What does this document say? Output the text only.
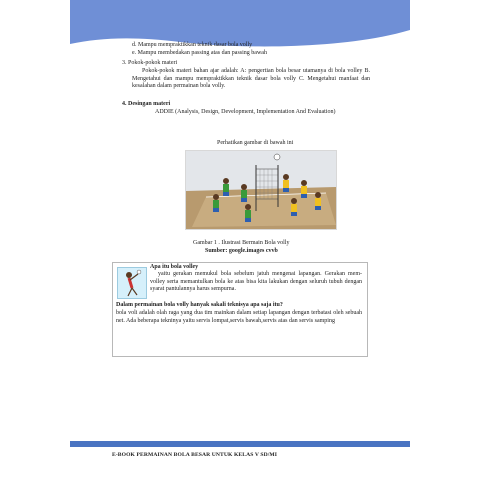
d. Mampu mempraktikkan teknik dasar bola volly
e. Mampu membedakan passing atas dan passing bawah
3. Pokok-pokok materi
Pokok-pokok materi bahan ajar adalah: A: pengertian bola besar utamanya di bola volley B. Mengetahui dan mampu mempraktikkan teknik dasar bola volly C. Mengetahui manfaat dan kesalahan dalam permainan bola volly.
4. Desingan materi
ADDIE (Analysis, Design, Development, Implementation And Evaluation)
Perhatikan gambar di bawah ini
Gambar 1 . Ilustrasi Bermain Bola volly
Sumber: google.images cvvb
Apa itu bola volley
yaitu gerakan memukul bola sebelum jatuh mengenai lapangan. Gerakan mem-volley serta memantulkan bola ke atas bisa kita lakukan dengan seluruh tubuh dengan syarat pantulannya harus sempurna.
Dalam permainan bola volly hanyak sakali teknisya apa saja itu?
bola voli adalah olah raga yang dua tim mainkan dalam setiap lapangan dengan terbatasi oleh sebuah net. Ada beberapa tekninya yaitu servis lompat,servis bawah,servis atas dan servis samping
E-BOOK PERMAINAN BOLA BESAR UNTUK KELAS V SD/MI
